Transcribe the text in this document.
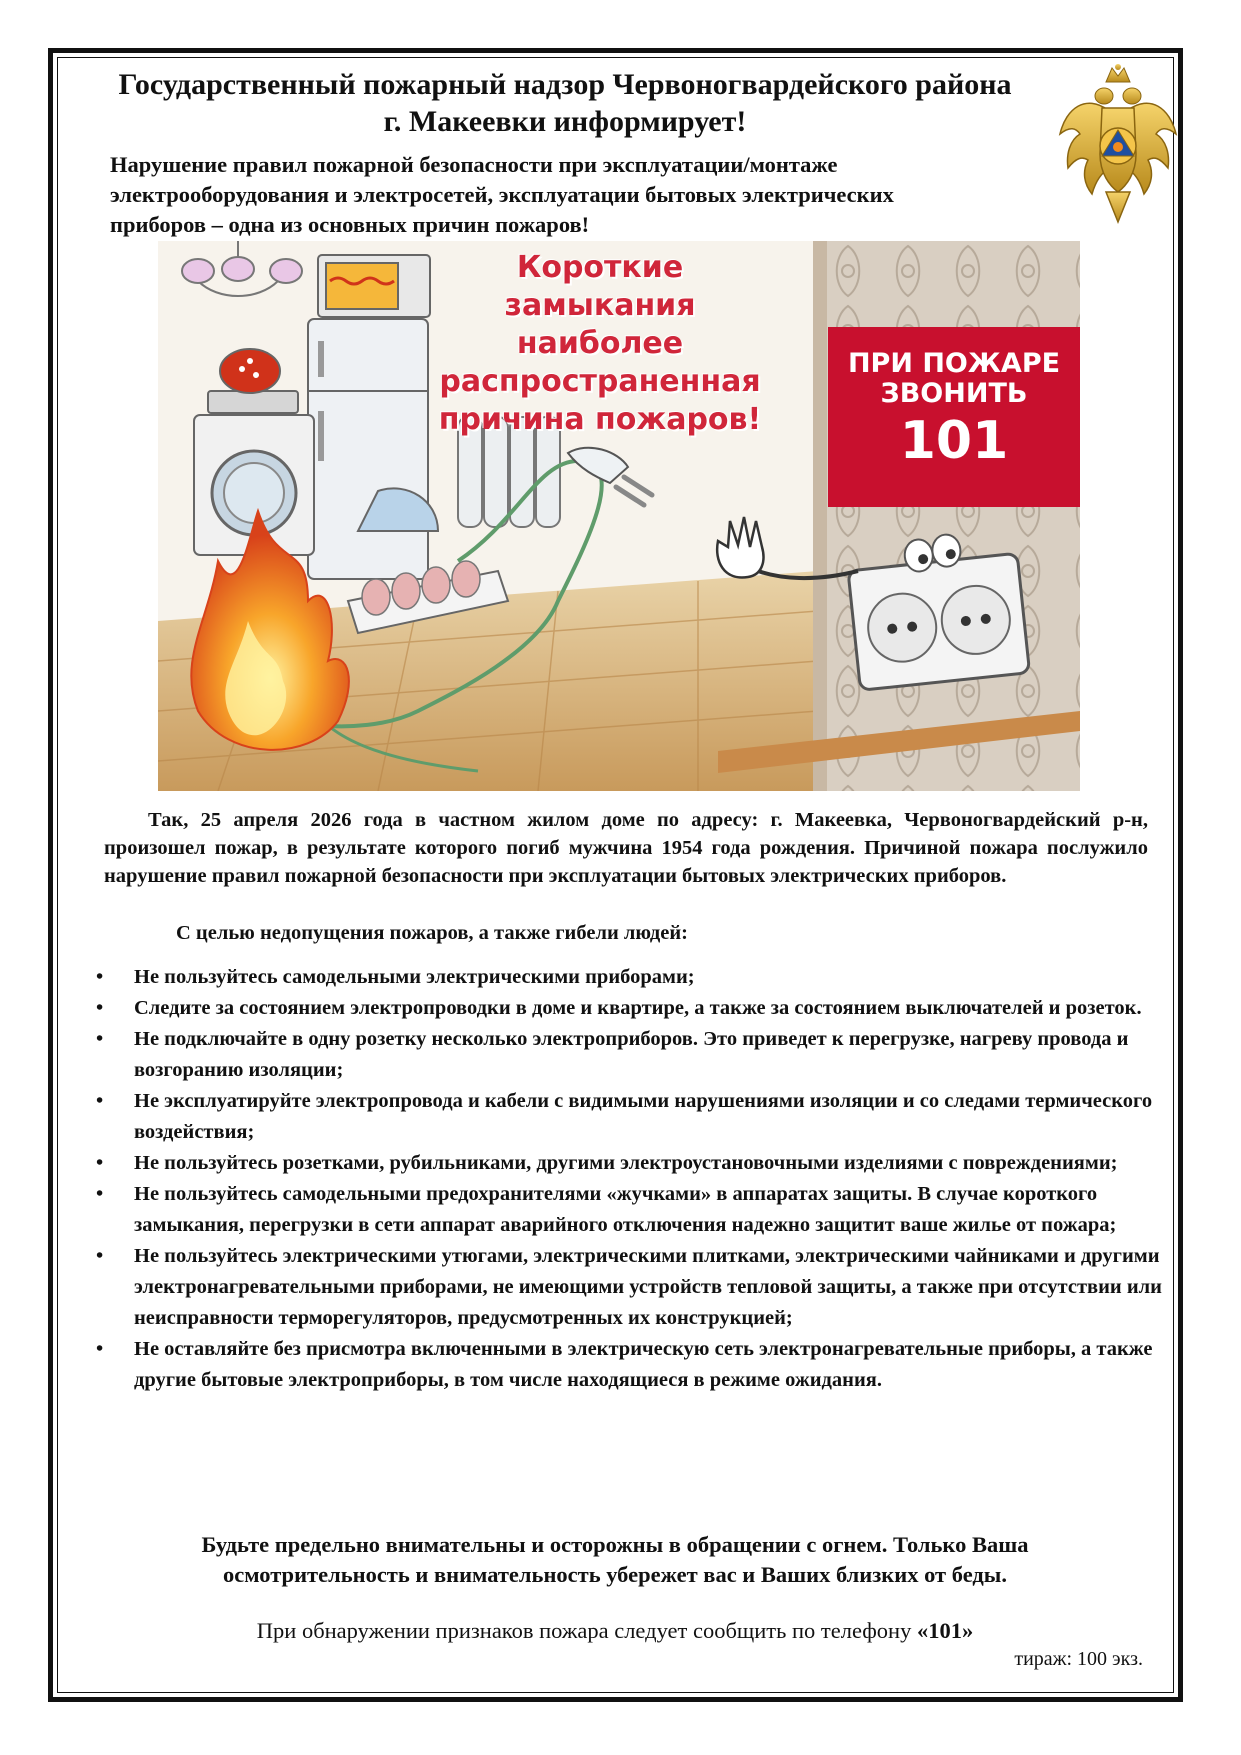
Государственный пожарный надзор Червоногвардейского района
г. Макеевки информирует!
Нарушение правил пожарной безопасности при эксплуатации/монтаже
электрооборудования и электросетей, эксплуатации бытовых электрических
приборов – одна из основных причин пожаров!
Короткие замыкания
наиболее
распространенная
причина пожаров!
ПРИ ПОЖАРЕ
ЗВОНИТЬ
101
Так, 25 апреля 2026 года в частном жилом доме по адресу: г. Макеевка, Червоногвардейский р-н, произошел пожар, в результате которого погиб мужчина 1954 года рождения. Причиной пожара послужило нарушение правил пожарной безопасности при эксплуатации бытовых электрических приборов.
С целью недопущения пожаров, а также гибели людей:
• Не пользуйтесь самодельными электрическими приборами;
• Следите за состоянием электропроводки в доме и квартире, а также за состоянием выключателей и розеток.
• Не подключайте в одну розетку несколько электроприборов. Это приведет к перегрузке, нагреву провода и возгоранию изоляции;
• Не эксплуатируйте электропровода и кабели с видимыми нарушениями изоляции и со следами термического воздействия;
• Не пользуйтесь розетками, рубильниками, другими электроустановочными изделиями с повреждениями;
• Не пользуйтесь самодельными предохранителями «жучками» в аппаратах защиты. В случае короткого замыкания, перегрузки в сети аппарат аварийного отключения надежно защитит ваше жилье от пожара;
• Не пользуйтесь электрическими утюгами, электрическими плитками, электрическими чайниками и другими электронагревательными приборами, не имеющими устройств тепловой защиты, а также при отсутствии или неисправности терморегуляторов, предусмотренных их конструкцией;
• Не оставляйте без присмотра включенными в электрическую сеть электронагревательные приборы, а также другие бытовые электроприборы, в том числе находящиеся в режиме ожидания.
Будьте предельно внимательны и осторожны в обращении с огнем. Только Ваша
осмотрительность и внимательность убережет вас и Ваших близких от беды.
При обнаружении признаков пожара следует сообщить по телефону «101»
тираж: 100 экз.
